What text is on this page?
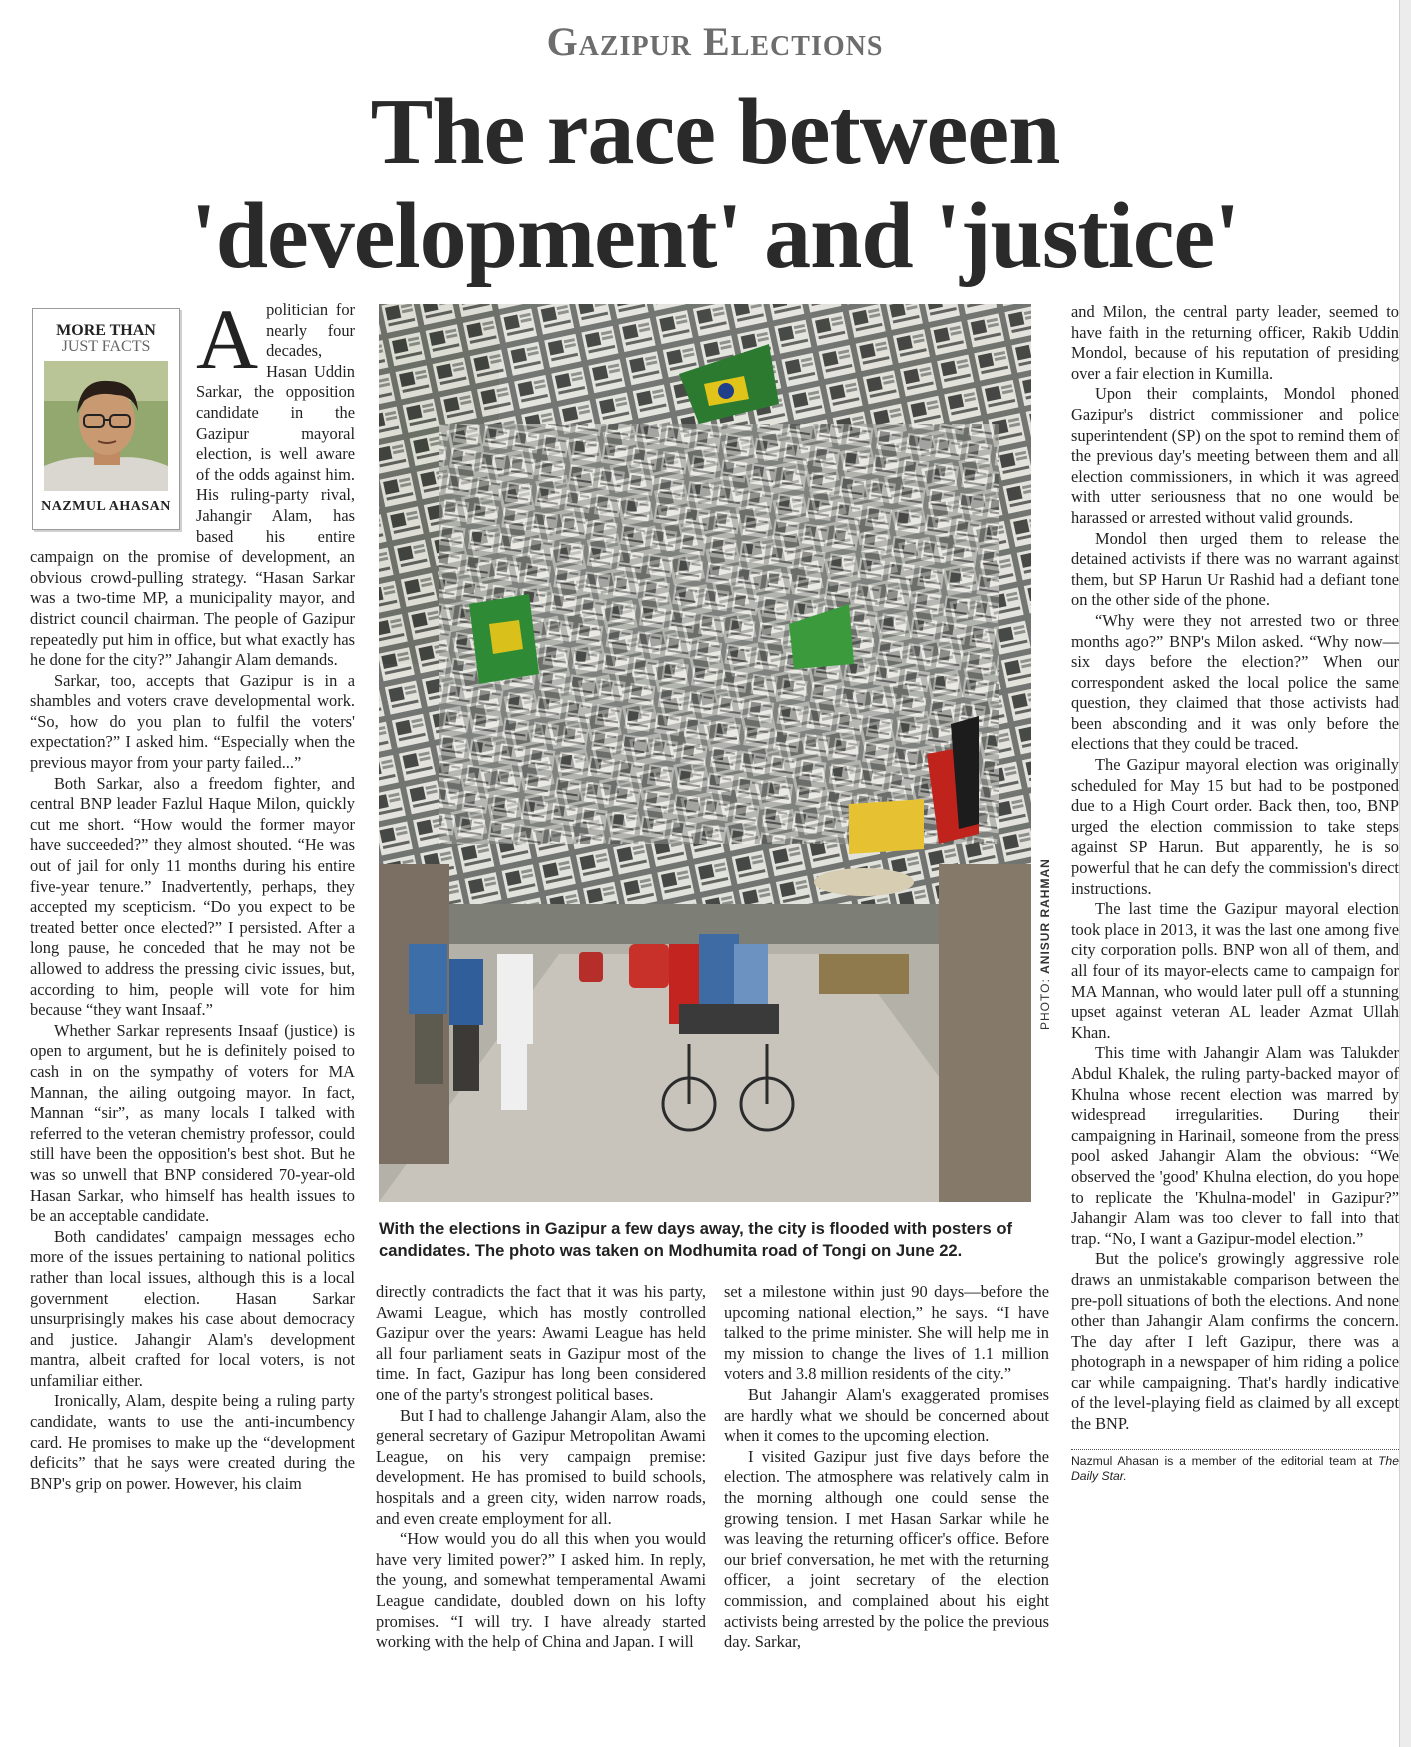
Gazipur Elections
The race between
'development' and 'justice'
MORE THAN
JUST FACTS
NAZMUL AHASAN
A politician for nearly four decades, Hasan Uddin Sarkar, the opposition candidate in the Gazipur mayoral election, is well aware of the odds against him. His ruling-party rival, Jahangir Alam, has based his entire campaign on the promise of development, an obvious crowd-pulling strategy. “Hasan Sarkar was a two-time MP, a municipality mayor, and district council chairman. The people of Gazipur repeatedly put him in office, but what exactly has he done for the city?” Jahangir Alam demands.

Sarkar, too, accepts that Gazipur is in a shambles and voters crave developmental work. “So, how do you plan to fulfil the voters' expectation?” I asked him. “Especially when the previous mayor from your party failed...”

Both Sarkar, also a freedom fighter, and central BNP leader Fazlul Haque Milon, quickly cut me short. “How would the former mayor have succeeded?” they almost shouted. “He was out of jail for only 11 months during his entire five-year tenure.” Inadvertently, perhaps, they accepted my scepticism. “Do you expect to be treated better once elected?” I persisted. After a long pause, he conceded that he may not be allowed to address the pressing civic issues, but, according to him, people will vote for him because “they want Insaaf.”

Whether Sarkar represents Insaaf (justice) is open to argument, but he is definitely poised to cash in on the sympathy of voters for MA Mannan, the ailing outgoing mayor. In fact, Mannan “sir”, as many locals I talked with referred to the veteran chemistry professor, could still have been the opposition's best shot. But he was so unwell that BNP considered 70-year-old Hasan Sarkar, who himself has health issues to be an acceptable candidate.

Both candidates' campaign messages echo more of the issues pertaining to national politics rather than local issues, although this is a local government election. Hasan Sarkar unsurprisingly makes his case about democracy and justice. Jahangir Alam's development mantra, albeit crafted for local voters, is not unfamiliar either.

Ironically, Alam, despite being a ruling party candidate, wants to use the anti-incumbency card. He promises to make up the “development deficits” that he says were created during the BNP's grip on power. However, his claim

PHOTO: ANISUR RAHMAN
With the elections in Gazipur a few days away, the city is flooded with posters of candidates. The photo was taken on Modhumita road of Tongi on June 22.

directly contradicts the fact that it was his party, Awami League, which has mostly controlled Gazipur over the years: Awami League has held all four parliament seats in Gazipur most of the time. In fact, Gazipur has long been considered one of the party's strongest political bases.

But I had to challenge Jahangir Alam, also the general secretary of Gazipur Metropolitan Awami League, on his very campaign premise: development. He has promised to build schools, hospitals and a green city, widen narrow roads, and even create employment for all.

“How would you do all this when you would have very limited power?” I asked him. In reply, the young, and somewhat temperamental Awami League candidate, doubled down on his lofty promises. “I will try. I have already started working with the help of China and Japan. I will

set a milestone within just 90 days—before the upcoming national election,” he says. “I have talked to the prime minister. She will help me in my mission to change the lives of 1.1 million voters and 3.8 million residents of the city.”

But Jahangir Alam's exaggerated promises are hardly what we should be concerned about when it comes to the upcoming election.

I visited Gazipur just five days before the election. The atmosphere was relatively calm in the morning although one could sense the growing tension. I met Hasan Sarkar while he was leaving the returning officer's office. Before our brief conversation, he met with the returning officer, a joint secretary of the election commission, and complained about his eight activists being arrested by the police the previous day. Sarkar,

and Milon, the central party leader, seemed to have faith in the returning officer, Rakib Uddin Mondol, because of his reputation of presiding over a fair election in Kumilla.

Upon their complaints, Mondol phoned Gazipur's district commissioner and police superintendent (SP) on the spot to remind them of the previous day's meeting between them and all election commissioners, in which it was agreed with utter seriousness that no one would be harassed or arrested without valid grounds.

Mondol then urged them to release the detained activists if there was no warrant against them, but SP Harun Ur Rashid had a defiant tone on the other side of the phone.

“Why were they not arrested two or three months ago?” BNP's Milon asked. “Why now—six days before the election?” When our correspondent asked the local police the same question, they claimed that those activists had been absconding and it was only before the elections that they could be traced.

The Gazipur mayoral election was originally scheduled for May 15 but had to be postponed due to a High Court order. Back then, too, BNP urged the election commission to take steps against SP Harun. But apparently, he is so powerful that he can defy the commission's direct instructions.

The last time the Gazipur mayoral election took place in 2013, it was the last one among five city corporation polls. BNP won all of them, and all four of its mayor-elects came to campaign for MA Mannan, who would later pull off a stunning upset against veteran AL leader Azmat Ullah Khan.

This time with Jahangir Alam was Talukder Abdul Khalek, the ruling party-backed mayor of Khulna whose recent election was marred by widespread irregularities. During their campaigning in Harinail, someone from the press pool asked Jahangir Alam the obvious: “We observed the 'good' Khulna election, do you hope to replicate the 'Khulna-model' in Gazipur?” Jahangir Alam was too clever to fall into that trap. “No, I want a Gazipur-model election.”

But the police's growingly aggressive role draws an unmistakable comparison between the pre-poll situations of both the elections. And none other than Jahangir Alam confirms the concern. The day after I left Gazipur, there was a photograph in a newspaper of him riding a police car while campaigning. That's hardly indicative of the level-playing field as claimed by all except the BNP.

Nazmul Ahasan is a member of the editorial team at The Daily Star.
